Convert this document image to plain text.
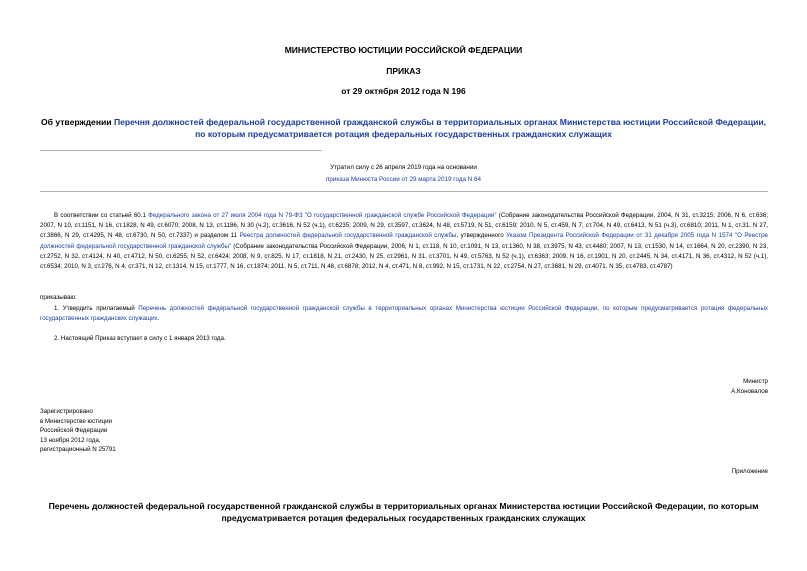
МИНИСТЕРСТВО ЮСТИЦИИ РОССИЙСКОЙ ФЕДЕРАЦИИ
ПРИКАЗ
от 29 октября 2012 года N 196
Об утверждении Перечня должностей федеральной государственной гражданской службы в территориальных органах Министерства юстиции Российской Федерации, по которым предусматривается ротация федеральных государственных гражданских служащих
Утратил силу с 26 апреля 2019 года на основании
приказа Минюста России от 29 марта 2019 года N 64
В соответствии со статьей 60.1 Федерального закона от 27 июля 2004 года N 79-ФЗ "О государственной гражданской службе Российской Федерации" (Собрание законодательства Российской Федерации, 2004, N 31, ст.3215; 2006, N 6, ст.636; 2007, N 10, ст.1151, N 16, ст.1828, N 49, ст.6070; 2008, N 13, ст.1186, N 30 (ч.2), ст.3616, N 52 (ч.1), ст.6235; 2009, N 29, ст.3597, ст.3624, N 48, ст.5719, N 51, ст.6159; 2010, N 5, ст.459, N 7, ст.704, N 49, ст.6413, N 51 (ч.3), ст.6810; 2011, N 1, ст.31, N 27, ст.3866, N 29, ст.4295, N 48, ст.6730, N 50, ст.7337) и разделом 11 Реестра должностей федеральной государственной гражданской службы, утвержденного Указом Президента Российской Федерации от 31 декабря 2005 года N 1574 "О Реестре должностей федеральной государственной гражданской службы" (Собрание законодательства Российской Федерации, 2006, N 1, ст.118, N 10, ст.1091, N 13, ст.1360, N 38, ст.3975, N 43, ст.4480; 2007, N 13, ст.1530, N 14, ст.1664, N 20, ст.2390, N 23, ст.2752, N 32, ст.4124, N 40, ст.4712, N 50, ст.6255, N 52, ст.6424; 2008, N 9, ст.825, N 17, ст.1818, N 21, ст.2430, N 25, ст.2961, N 31, ст.3701, N 49, ст.5763, N 52 (ч.1), ст.6363; 2009, N 16, ст.1901, N 20, ст.2445, N 34, ст.4171, N 36, ст.4312, N 52 (ч.1), ст.6534; 2010, N 3, ст.276, N 4, ст.371, N 12, ст.1314, N 15, ст.1777, N 16, ст.1874; 2011, N 5, ст.711, N 48, ст.6878; 2012, N 4, ст.471, N 8, ст.992, N 15, ст.1731, N 22, ст.2754, N 27, ст.3681, N 29, ст.4071, N 35, ст.4783, ст.4787)
приказываю:
1. Утвердить прилагаемый Перечень должностей федеральной государственной гражданской службы в территориальных органах Министерства юстиции Российской Федерации, по которым предусматривается ротация федеральных государственных гражданских служащих.
2. Настоящий Приказ вступает в силу с 1 января 2013 года.
Министр
А.Коновалов
Зарегистрировано
в Министерстве юстиции
Российской Федерации
13 ноября 2012 года,
регистрационный N 25791
Приложение
Перечень должностей федеральной государственной гражданской службы в территориальных органах Министерства юстиции Российской Федерации, по которым предусматривается ротация федеральных государственных гражданских служащих
